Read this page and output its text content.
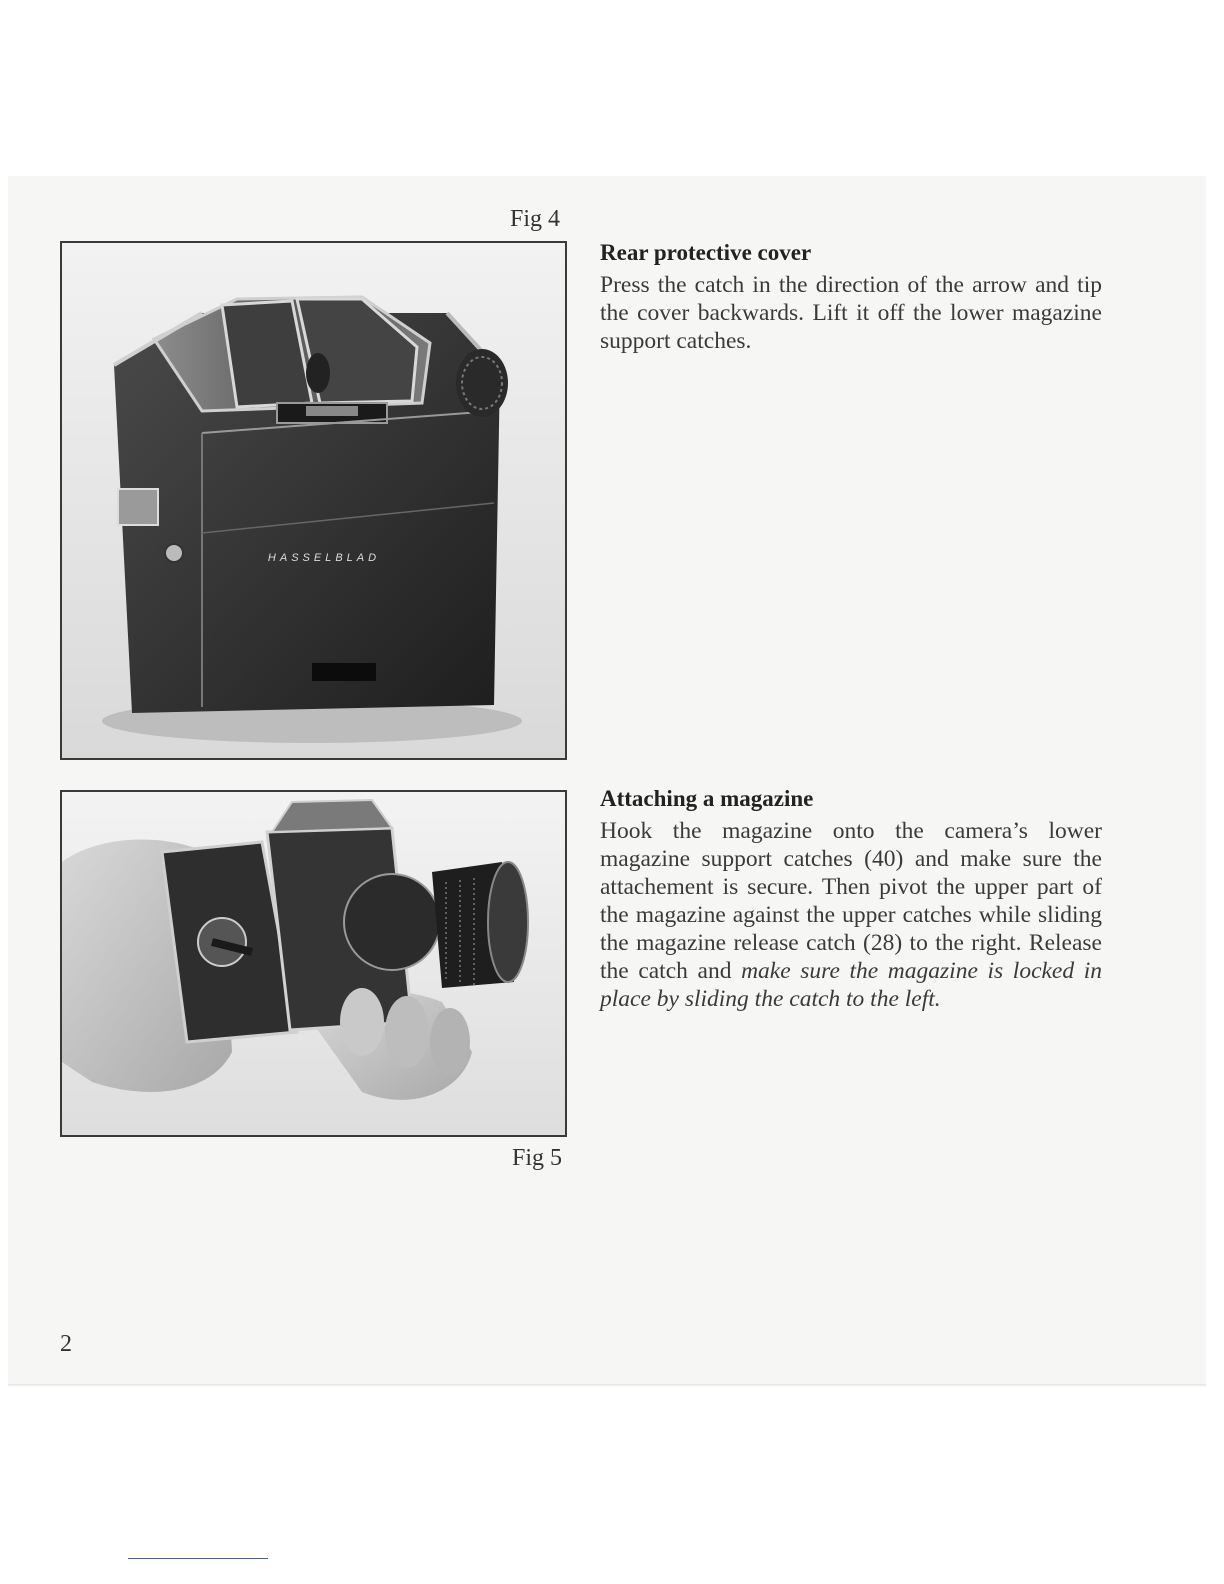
Fig 4
HASSELBLAD

Rear protective cover

Press the catch in the direction of the arrow and tip the cover backwards. Lift it off the lower magazine support catches.

Attaching a magazine

Hook the magazine onto the camera’s lower magazine support catches (40) and make sure the attachement is secure. Then pivot the upper part of the magazine against the upper catches while sliding the magazine release catch (28) to the right. Release the catch and make sure the magazine is locked in place by sliding the catch to the left.

Fig 5
2
